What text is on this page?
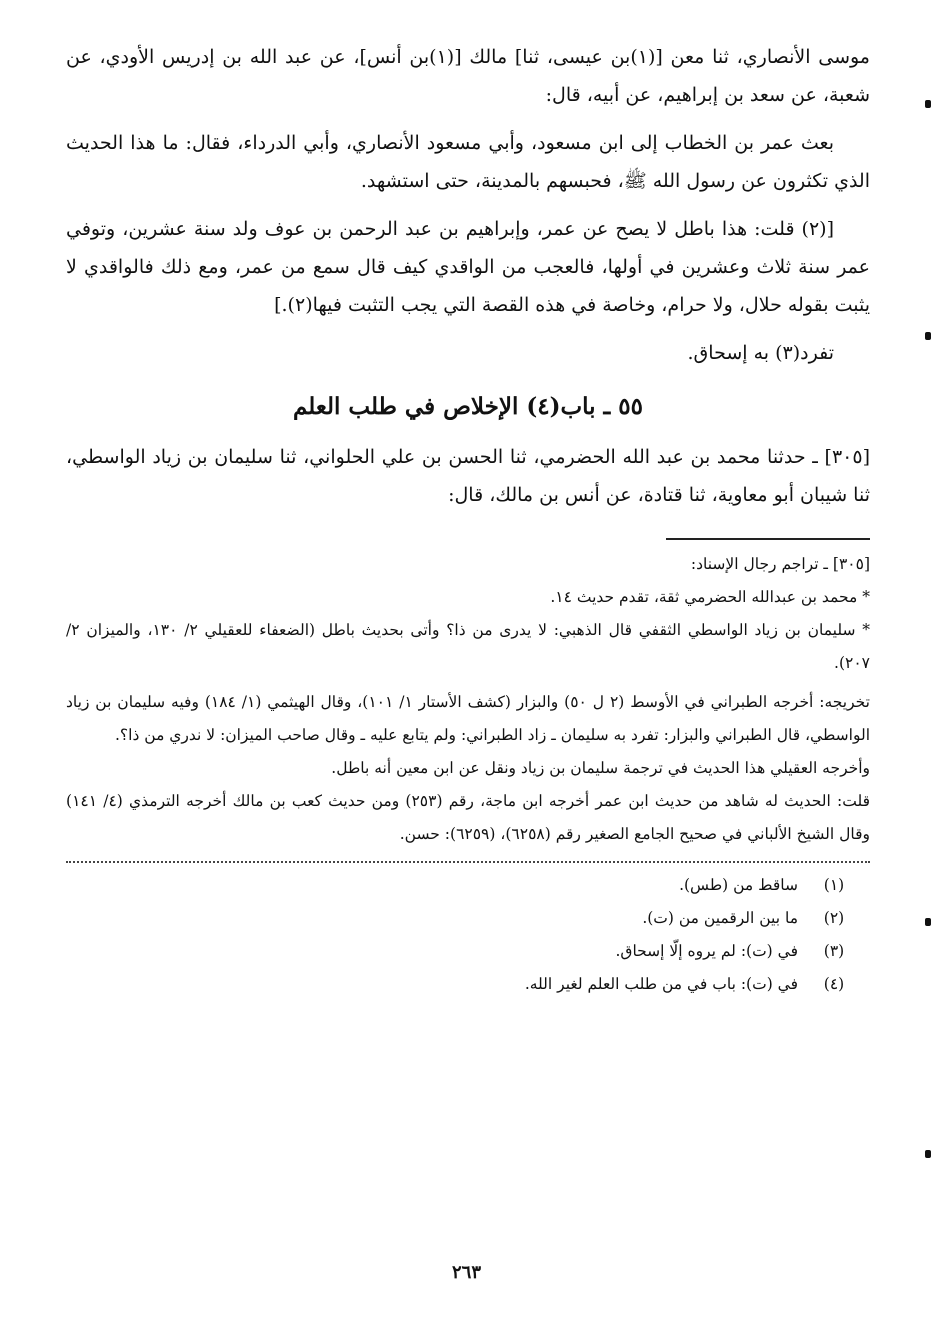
موسى الأنصاري، ثنا معن [(١)بن عيسى، ثنا] مالك [(١)بن أنس]، عن عبد الله بن إدريس الأودي، عن شعبة، عن سعد بن إبراهيم، عن أبيه، قال:

بعث عمر بن الخطاب إلى ابن مسعود، وأبي مسعود الأنصاري، وأبي الدرداء، فقال: ما هذا الحديث الذي تكثرون عن رسول الله ﷺ، فحبسهم بالمدينة، حتى استشهد.

[(٢) قلت: هذا باطل لا يصح عن عمر، وإبراهيم بن عبد الرحمن بن عوف ولد سنة عشرين، وتوفي عمر سنة ثلاث وعشرين في أولها، فالعجب من الواقدي كيف قال سمع من عمر، ومع ذلك فالواقدي لا يثبت بقوله حلال، ولا حرام، وخاصة في هذه القصة التي يجب التثبت فيها(٢).]

تفرد(٣) به إسحاق.

٥٥ ـ باب(٤) الإخلاص في طلب العلم

[٣٠٥] ـ حدثنا محمد بن عبد الله الحضرمي، ثنا الحسن بن علي الحلواني، ثنا سليمان بن زياد الواسطي، ثنا شيبان أبو معاوية، ثنا قتادة، عن أنس بن مالك، قال:

[٣٠٥] ـ تراجم رجال الإسناد:

* محمد بن عبدالله الحضرمي ثقة، تقدم حديث ١٤.

* سليمان بن زياد الواسطي الثقفي قال الذهبي: لا يدرى من ذا؟ وأتى بحديث باطل (الضعفاء للعقيلي ٢/ ١٣٠، والميزان ٢/ ٢٠٧).

تخريجه: أخرجه الطبراني في الأوسط (٢ ل ٥٠) والبزار (كشف الأستار ١/ ١٠١)، وقال الهيثمي (١/ ١٨٤) وفيه سليمان بن زياد الواسطي، قال الطبراني والبزار: تفرد به سليمان ـ زاد الطبراني: ولم يتابع عليه ـ وقال صاحب الميزان: لا ندري من ذا؟.

وأخرجه العقيلي هذا الحديث في ترجمة سليمان بن زياد ونقل عن ابن معين أنه باطل.

قلت: الحديث له شاهد من حديث ابن عمر أخرجه ابن ماجة، رقم (٢٥٣) ومن حديث كعب بن مالك أخرجه الترمذي (٤/ ١٤١) وقال الشيخ الألباني في صحيح الجامع الصغير رقم (٦٢٥٨)، (٦٢٥٩): حسن.

(١)
ساقط من (طس).
(٢)
ما بين الرقمين من (ت).
(٣)
في (ت): لم يروه إلّا إسحاق.
(٤)
في (ت): باب في من طلب العلم لغير الله.
٢٦٣
